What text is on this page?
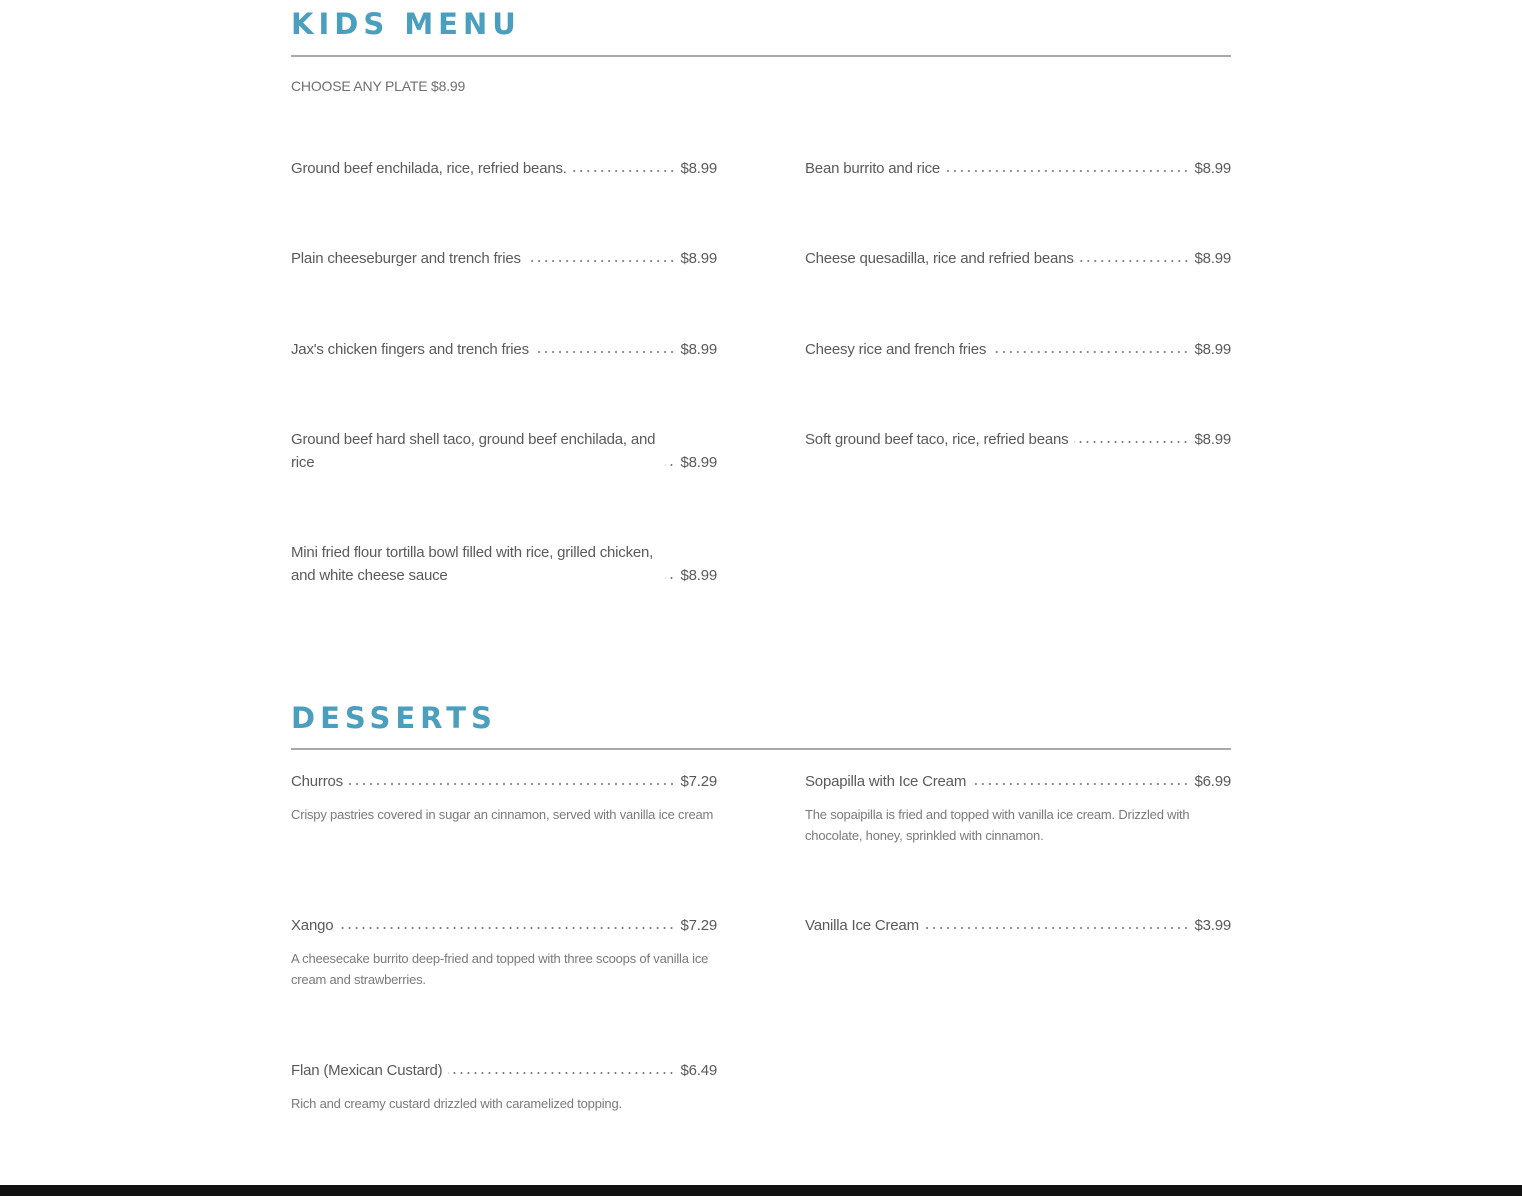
KIDS MENU

CHOOSE ANY PLATE $8.99

Ground beef enchilada, rice, refried beans.	$8.99	Bean burrito and rice	$8.99
Plain cheeseburger and trench fries	$8.99	Cheese quesadilla, rice and refried beans	$8.99
Jax's chicken fingers and trench fries	$8.99	Cheesy rice and french fries	$8.99
Ground beef hard shell taco, ground beef enchilada, and rice	$8.99
Soft ground beef taco, rice, refried beans	$8.99
Mini fried flour tortilla bowl filled with rice, grilled chicken, and white cheese sauce	$8.99
DESSERTS
Churros	$7.29
Crispy pastries covered in sugar an cinnamon, served with vanilla ice cream
Sopapilla with Ice Cream	$6.99
The sopaipilla is fried and topped with vanilla ice cream. Drizzled with chocolate, honey, sprinkled with cinnamon.
Xango	$7.29
A cheesecake burrito deep-fried and topped with three scoops of vanilla ice cream and strawberries.
Vanilla Ice Cream	$3.99
Flan (Mexican Custard)	$6.49
Rich and creamy custard drizzled with caramelized topping.
